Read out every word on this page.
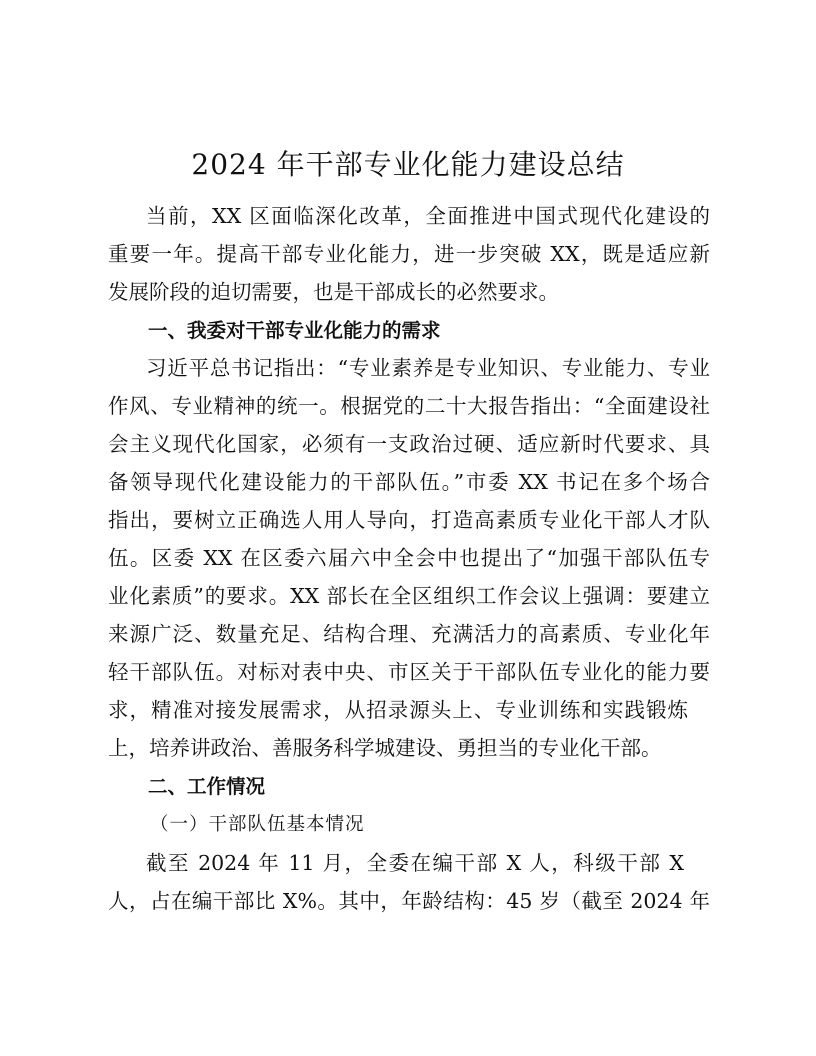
2024 年干部专业化能力建设总结
当前，XX 区面临深化改革，全面推进中国式现代化建设的
重要一年。提高干部专业化能力，进一步突破 XX，既是适应新
发展阶段的迫切需要，也是干部成长的必然要求。
一、我委对干部专业化能力的需求
习近平总书记指出：“专业素养是专业知识、专业能力、专业
作风、专业精神的统一。根据党的二十大报告指出：“全面建设社
会主义现代化国家，必须有一支政治过硬、适应新时代要求、具
备领导现代化建设能力的干部队伍。”市委 XX 书记在多个场合
指出，要树立正确选人用人导向，打造高素质专业化干部人才队
伍。区委 XX 在区委六届六中全会中也提出了“加强干部队伍专
业化素质”的要求。XX 部长在全区组织工作会议上强调：要建立
来源广泛、数量充足、结构合理、充满活力的高素质、专业化年
轻干部队伍。对标对表中央、市区关于干部队伍专业化的能力要
求，精准对接发展需求，从招录源头上、专业训练和实践锻炼
上，培养讲政治、善服务科学城建设、勇担当的专业化干部。
二、工作情况
（一）干部队伍基本情况
截至 2024 年 11 月，全委在编干部 X 人，科级干部 X
人，占在编干部比 X%。其中，年龄结构：45 岁（截至 2024 年
